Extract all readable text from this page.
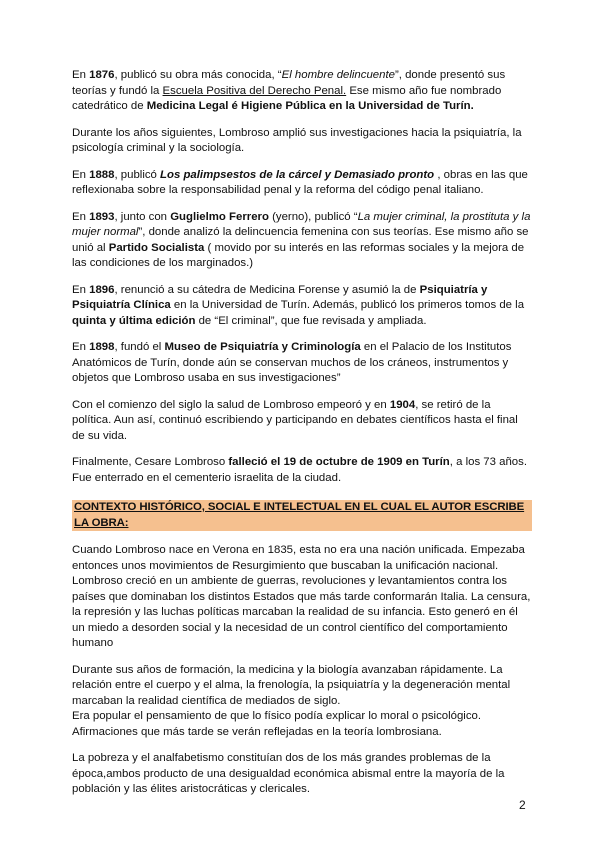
En 1876, publicó su obra más conocida, “El hombre delincuente”, donde presentó sus teorías y fundó la Escuela Positiva del Derecho Penal. Ese mismo año fue nombrado catedrático de Medicina Legal é Higiene Pública en la Universidad de Turín.

Durante los años siguientes, Lombroso amplió sus investigaciones hacia la psiquiatría, la psicología criminal y la sociología.

En 1888, publicó Los palimpsestos de la cárcel y Demasiado pronto , obras en las que reflexionaba sobre la responsabilidad penal y la reforma del código penal italiano.

En 1893, junto con Guglielmo Ferrero (yerno), publicó “La mujer criminal, la prostituta y la mujer normal”, donde analizó la delincuencia femenina con sus teorías. Ese mismo año se unió al Partido Socialista ( movido por su interés en las reformas sociales y la mejora de las condiciones de los marginados.)

En 1896, renunció a su cátedra de Medicina Forense y asumió la de Psiquiatría y Psiquiatría Clínica en la Universidad de Turín. Además, publicó los primeros tomos de la quinta y última edición de “El criminal”, que fue revisada y ampliada.

En 1898, fundó el Museo de Psiquiatría y Criminología en el Palacio de los Institutos Anatómicos de Turín, donde aún se conservan muchos de los cráneos, instrumentos y objetos que Lombroso usaba en sus investigaciones”

Con el comienzo del siglo la salud de Lombroso empeoró y en 1904, se retiró de la política. Aun así, continuó escribiendo y participando en debates científicos hasta el final de su vida.

Finalmente, Cesare Lombroso falleció el 19 de octubre de 1909 en Turín, a los 73 años. Fue enterrado en el cementerio israelita de la ciudad.

CONTEXTO HISTÓRICO, SOCIAL E INTELECTUAL EN EL CUAL EL AUTOR ESCRIBE LA OBRA:

Cuando Lombroso nace en Verona en 1835, esta no era una nación unificada. Empezaba entonces unos movimientos de Resurgimiento que buscaban la unificación nacional. Lombroso creció en un ambiente de guerras, revoluciones y levantamientos contra los países que dominaban los distintos Estados que más tarde conformarán Italia. La censura, la represión y las luchas políticas marcaban la realidad de su infancia. Esto generó en él un miedo a desorden social y la necesidad de un control científico del comportamiento humano

Durante sus años de formación, la medicina y la biología avanzaban rápidamente. La relación entre el cuerpo y el alma, la frenología, la psiquiatría y la degeneración mental marcaban la realidad científica de mediados de siglo.
Era popular el pensamiento de que lo físico podía explicar lo moral o psicológico.
Afirmaciones que más tarde se verán reflejadas en la teoría lombrosiana.

La pobreza y el analfabetismo constituían dos de los más grandes problemas de la época,ambos producto de una desigualdad económica abismal entre la mayoría de la población y las élites aristocráticas y clericales.

2
